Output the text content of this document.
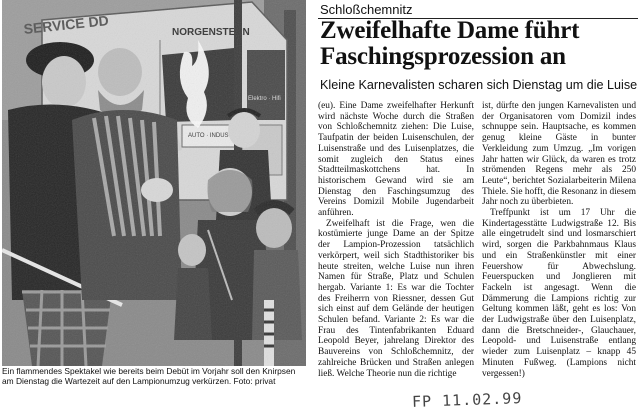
Ein flammendes Spektakel wie bereits beim Debüt im Vorjahr soll den Knirpsen am Dienstag die Wartezeit auf den Lampionumzug verkürzen. Foto: privat
Schloßchemnitz
Zweifelhafte Dame führt Faschingsprozession an
Kleine Karnevalisten scharen sich Dienstag um die Luise

(eu). Eine Dame zweifelhafter Herkunft wird nächste Woche durch die Straßen von Schloßchemnitz ziehen: Die Luise, Taufpatin der beiden Luisenschulen, der Luisenstraße und des Luisenplatzes, die somit zugleich den Status eines Stadtteilmaskottchens hat. In historischem Gewand wird sie am Dienstag den Faschingsumzug des Vereins Domizil Mobile Jugendarbeit anführen.

Zweifelhaft ist die Frage, wen die kostümierte junge Dame an der Spitze der Lampion-Prozession tatsächlich verkörpert, weil sich Stadthistoriker bis heute streiten, welche Luise nun ihren Namen für Straße, Platz und Schulen hergab. Variante 1: Es war die Tochter des Freiherrn von Riessner, dessen Gut sich einst auf dem Gelände der heutigen Schulen befand. Variante 2: Es war die Frau des Tintenfabrikanten Eduard Leopold Beyer, jahrelang Direktor des Bauvereins von Schloßchemnitz, der zahlreiche Brücken und Straßen anlegen ließ. Welche Theorie nun die richtige

ist, dürfte den jungen Karnevalisten und der Organisatoren vom Domizil indes schnuppe sein. Hauptsache, es kommen genug kleine Gäste in bunter Verkleidung zum Umzug. „Im vorigen Jahr hatten wir Glück, da waren es trotz strömenden Regens mehr als 250 Leute“, berichtet Sozialarbeiterin Milena Thiele. Sie hofft, die Resonanz in diesem Jahr noch zu überbieten.

Treffpunkt ist um 17 Uhr die Kindertagesstätte Ludwigstraße 12. Bis alle eingetrudelt sind und losmarschiert wird, sorgen die Parkbahnmaus Klaus und ein Straßenkünstler mit einer Feuershow für Abwechslung. Feuerspucken und Jonglieren mit Fackeln ist angesagt. Wenn die Dämmerung die Lampions richtig zur Geltung kommen läßt, geht es los: Von der Ludwigstraße über den Luisenplatz, dann die Bretschneider-, Glauchauer, Leopold- und Luisenstraße entlang wieder zum Luisenplatz – knapp 45 Minuten Fußweg. (Lampions nicht vergessen!)

FP 11.02.99
